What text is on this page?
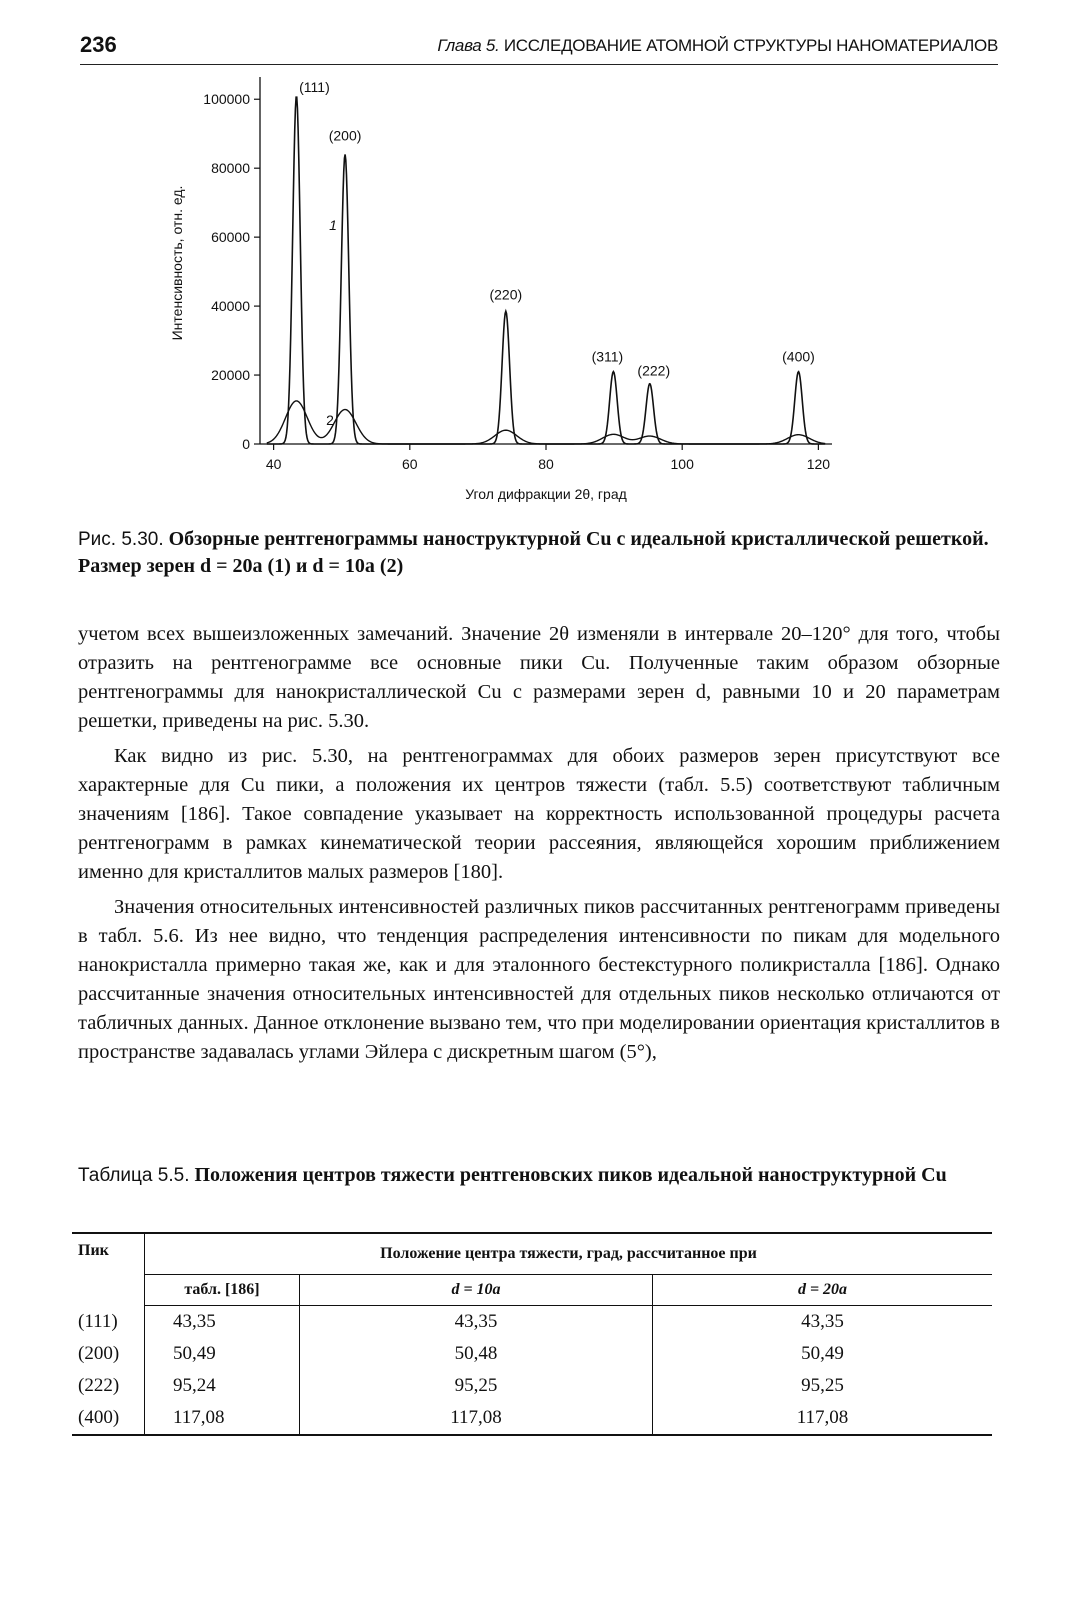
236	Глава 5. ИССЛЕДОВАНИЕ АТОМНОЙ СТРУКТУРЫ НАНОМАТЕРИАЛОВ
0
20000
40000
60000
80000
100000
40	60	80	100	120
Угол дифракции 2θ, град
Интенсивность, отн. ед.
(111)
(200)
(220)
(311)
(222)
(400)
1
2
Рис. 5.30. Обзорные рентгенограммы наноструктурной Cu с идеальной кристаллической решеткой. Размер зерен d = 20a (1) и d = 10a (2)

учетом всех вышеизложенных замечаний. Значение 2θ изменяли в интервале 20–120° для того, чтобы отразить на рентгенограмме все основные пики Cu. Полученные таким образом обзорные рентгенограммы для нанокристаллической Cu с размерами зерен d, равными 10 и 20 параметрам решетки, приведены на рис. 5.30.

Как видно из рис. 5.30, на рентгенограммах для обоих размеров зерен присутствуют все характерные для Cu пики, а положения их центров тяжести (табл. 5.5) соответствуют табличным значениям [186]. Такое совпадение указывает на корректность использованной процедуры расчета рентгенограмм в рамках кинематической теории рассеяния, являющейся хорошим приближением именно для кристаллитов малых размеров [180].

Значения относительных интенсивностей различных пиков рассчитанных рентгенограмм приведены в табл. 5.6. Из нее видно, что тенденция распределения интенсивности по пикам для модельного нанокристалла примерно такая же, как и для эталонного бестекстурного поликристалла [186]. Однако рассчитанные значения относительных интенсивностей для отдельных пиков несколько отличаются от табличных данных. Данное отклонение вызвано тем, что при моделировании ориентация кристаллитов в пространстве задавалась углами Эйлера с дискретным шагом (5°),

Таблица 5.5. Положения центров тяжести рентгеновских пиков идеальной наноструктурной Cu
Пик	Положение центра тяжести, град, рассчитанное при		
	табл. [186]	d = 10a	d = 20a
(111)	43,35	43,35	43,35
(200)	50,49	50,48	50,49
(222)	95,24	95,25	95,25
(400)	117,08	117,08	117,08
